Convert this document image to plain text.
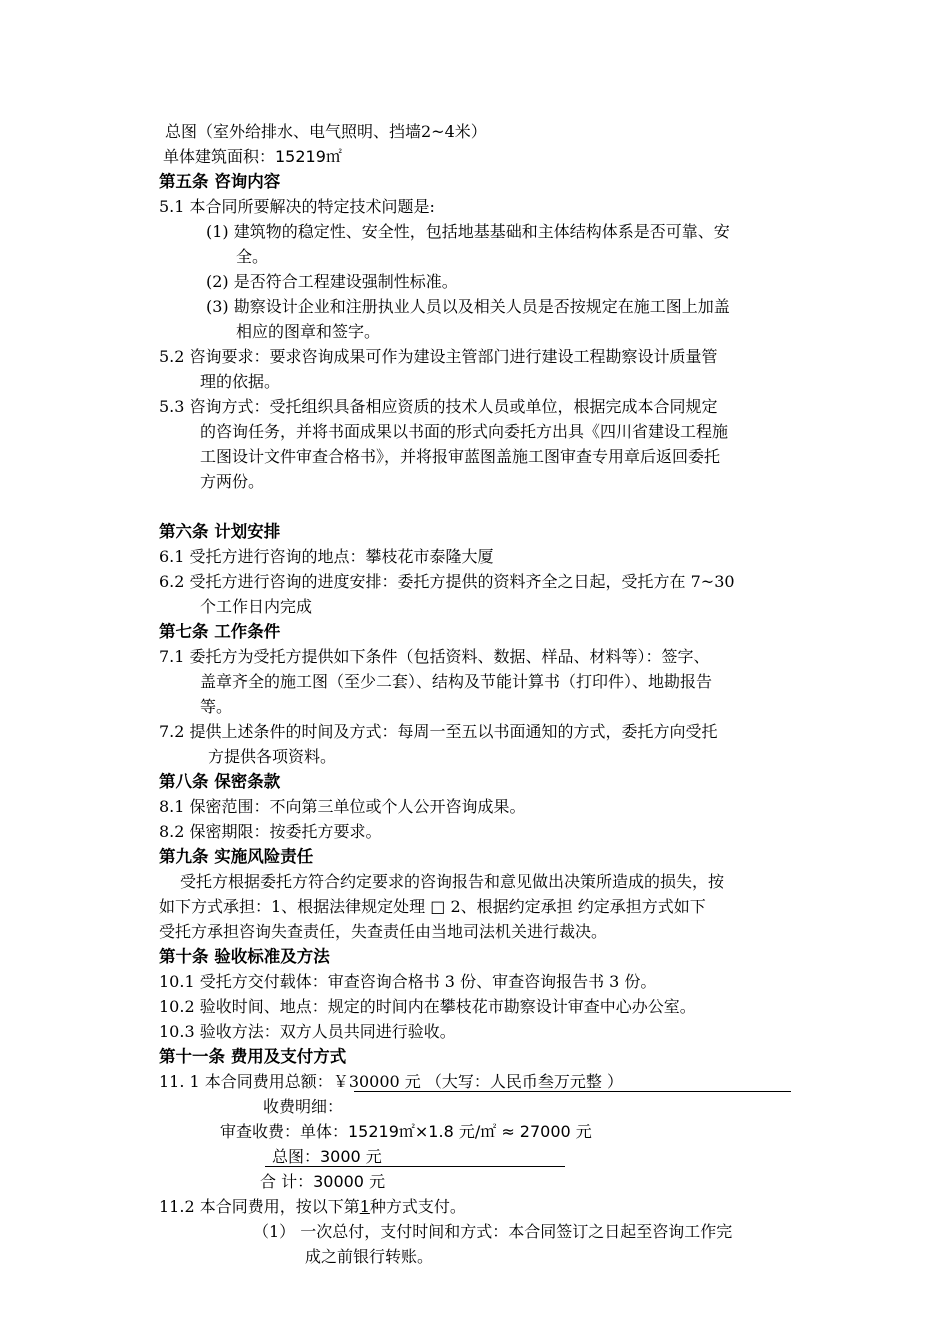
总图（室外给排水、电气照明、挡墙2~4米）
单体建筑面积：15219㎡
第五条 咨询内容
5.1 本合同所要解决的特定技术问题是:
(1) 建筑物的稳定性、安全性，包括地基基础和主体结构体系是否可靠、安
全。
(2) 是否符合工程建设强制性标准。
(3) 勘察设计企业和注册执业人员以及相关人员是否按规定在施工图上加盖
相应的图章和签字。
5.2 咨询要求：要求咨询成果可作为建设主管部门进行建设工程勘察设计质量管
理的依据。
5.3 咨询方式：受托组织具备相应资质的技术人员或单位，根据完成本合同规定
的咨询任务，并将书面成果以书面的形式向委托方出具《四川省建设工程施
工图设计文件审查合格书》，并将报审蓝图盖施工图审查专用章后返回委托
方两份。
第六条 计划安排
6.1 受托方进行咨询的地点：攀枝花市泰隆大厦
6.2 受托方进行咨询的进度安排：委托方提供的资料齐全之日起，受托方在 7~30
个工作日内完成
第七条 工作条件
7.1 委托方为受托方提供如下条件（包括资料、数据、样品、材料等）：签字、
盖章齐全的施工图（至少二套）、结构及节能计算书（打印件）、地勘报告
等。
7.2 提供上述条件的时间及方式：每周一至五以书面通知的方式，委托方向受托
方提供各项资料。
第八条 保密条款
8.1 保密范围：不向第三单位或个人公开咨询成果。
8.2 保密期限：按委托方要求。
第九条 实施风险责任
受托方根据委托方符合约定要求的咨询报告和意见做出决策所造成的损失，按
如下方式承担：1、根据法律规定处理 □ 2、根据约定承担 约定承担方式如下
受托方承担咨询失查责任，失查责任由当地司法机关进行裁决。
第十条 验收标准及方法
10.1 受托方交付载体：审查咨询合格书 3 份、审查咨询报告书 3 份。
10.2 验收时间、地点：规定的时间内在攀枝花市勘察设计审查中心办公室。
10.3 验收方法：双方人员共同进行验收。
第十一条 费用及支付方式
11. 1 本合同费用总额：￥30000 元 （大写：人民币叁万元整 ）
收费明细：
审查收费：单体：15219㎡×1.8 元/㎡ ≈ 27000 元
总图：3000 元
合 计：30000 元
11.2 本合同费用，按以下第1种方式支付。
（1） 一次总付，支付时间和方式：本合同签订之日起至咨询工作完
成之前银行转账。
